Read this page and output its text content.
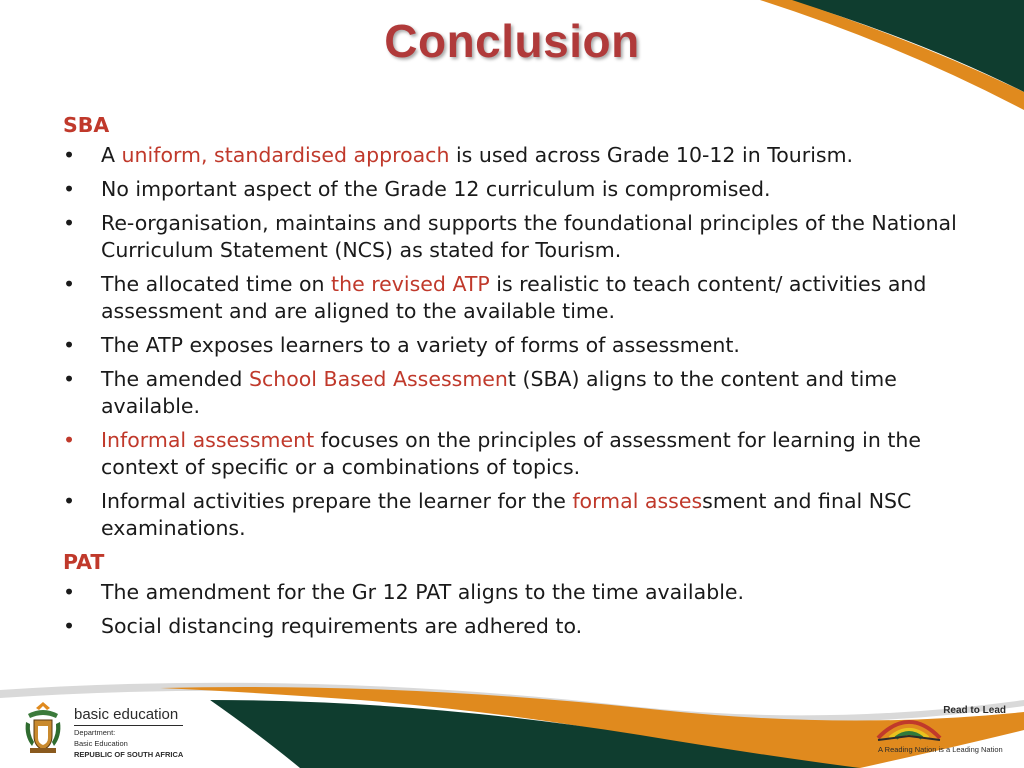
Conclusion
SBA
• A uniform, standardised approach is used across Grade 10-12 in Tourism.
• No important aspect of the Grade 12 curriculum is compromised.
• Re-organisation, maintains and supports the foundational principles of the National Curriculum Statement (NCS) as stated for Tourism.
• The allocated time on the revised ATP is realistic to teach content/ activities and assessment and are aligned to the available time.
• The ATP exposes learners to a variety of forms of assessment.
• The amended School Based Assessment (SBA) aligns to the content and time available.
• Informal assessment focuses on the principles of assessment for learning in the context of specific or a combinations of topics.
• Informal activities prepare the learner for the formal assessment and final NSC examinations.
PAT
• The amendment for the Gr 12 PAT aligns to the time available.
• Social distancing requirements are adhered to.
basic education
Department:
Basic Education
REPUBLIC OF SOUTH AFRICA
Read to Lead
A Reading Nation is a Leading Nation
